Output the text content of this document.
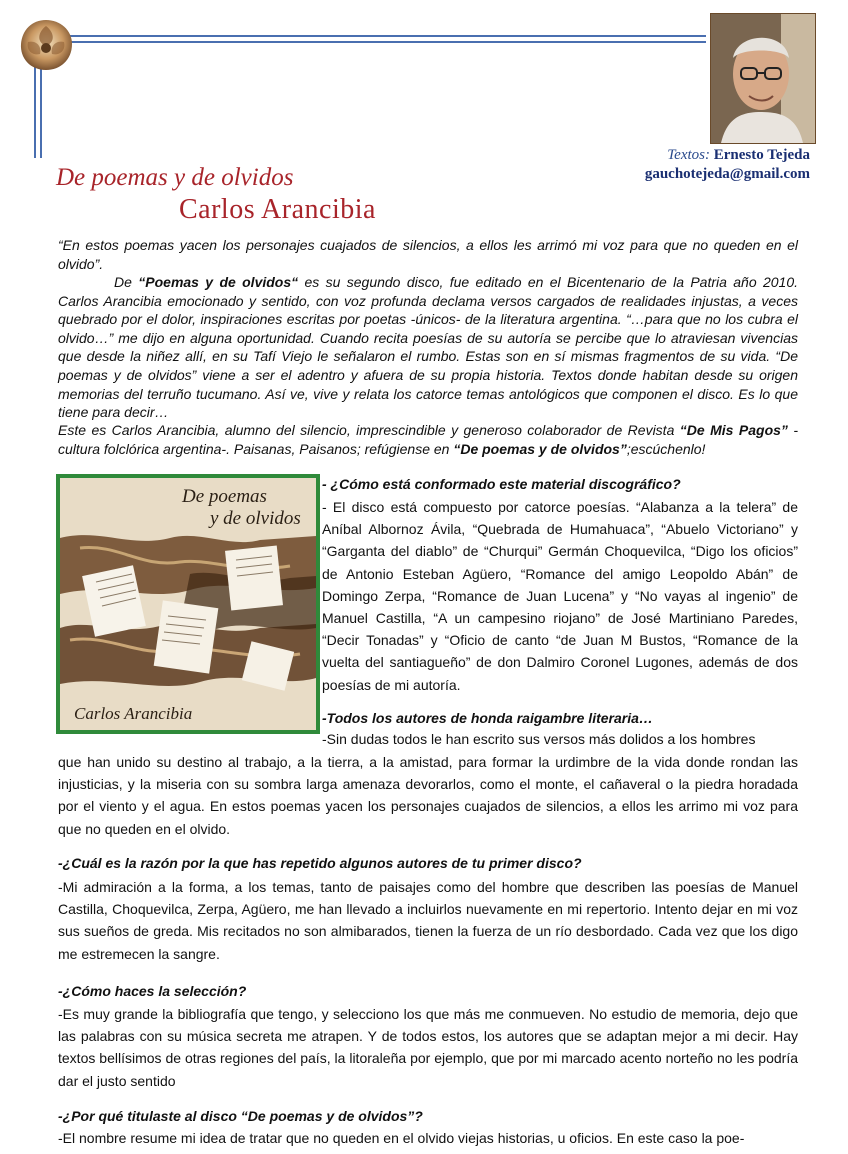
Textos: Ernesto Tejeda
gauchotejeda@gmail.com
De poemas y de olvidos
Carlos Arancibia

“En estos poemas yacen los personajes cuajados de silencios, a ellos les arrimó mi voz para que no queden en el olvido”.

De “Poemas y de olvidos“ es su segundo disco, fue editado en el Bicentenario de la Patria año 2010. Carlos Arancibia emocionado y sentido, con voz profunda declama versos cargados de realidades injustas, a veces quebrado por el dolor, inspiraciones escritas por poetas -únicos- de la literatura argentina. “…para que no los cubra el olvido…” me dijo en alguna oportunidad. Cuando recita poesías de su autoría se percibe que lo atraviesan vivencias que desde la niñez allí, en su Tafí Viejo le señalaron el rumbo. Estas son en sí mismas fragmentos de su vida. “De poemas y de olvidos” viene a ser el adentro y afuera de su propia historia. Textos donde habitan desde su origen memorias del terruño tucumano. Así ve, vive y relata los catorce temas antológicos que componen el disco. Es lo que tiene para decir…

Este es Carlos Arancibia, alumno del silencio, imprescindible y generoso colaborador de Revista “De Mis Pagos” -cultura folclórica argentina-. Paisanas, Paisanos; refúgiense en “De poemas y de olvidos”;escúchenlo!

De poemas
y de olvidos
Carlos Arancibia

- ¿Cómo está conformado este material discográfico?

- El disco está compuesto por catorce poesías. “Alabanza a la telera” de Aníbal Albornoz Ávila, “Quebrada de Humahuaca”, “Abuelo Victoriano” y “Garganta del diablo” de “Churqui” Germán Choquevilca, “Digo los oficios” de Antonio Esteban Agüero, “Romance del amigo Leopoldo Abán” de Domingo Zerpa, “Romance de Juan Lucena” y “No vayas al ingenio” de Manuel Castilla, “A un campesino riojano” de José Martiniano Paredes, “Decir Tonadas” y “Oficio de canto “de Juan M Bustos, “Romance de la vuelta del santiagueño” de don Dalmiro Coronel Lugones, además de dos poesías de mi autoría.

-Todos los autores de honda raigambre literaria…

-Sin dudas todos le han escrito sus versos más dolidos a los hombres

que han unido su destino al trabajo, a la tierra, a la amistad, para formar la urdimbre de la vida donde rondan las injusticias, y la miseria con su sombra larga amenaza devorarlos, como el monte, el cañaveral o la piedra horadada por el viento y el agua. En estos poemas yacen los personajes cuajados de silencios, a ellos les arrimo mi voz para que no queden en el olvido.

-¿Cuál es la razón por la que has repetido algunos autores de tu primer disco?

-Mi admiración a la forma, a los temas, tanto de paisajes como del hombre que describen las poesías de Manuel Castilla, Choquevilca, Zerpa, Agüero, me han llevado a incluirlos nuevamente en mi repertorio. Intento dejar en mi voz sus sueños de greda. Mis recitados no son almibarados, tienen la fuerza de un río desbordado. Cada vez que los digo me estremecen la sangre.

-¿Cómo haces la selección?

-Es muy grande la bibliografía que tengo, y selecciono los que más me conmueven. No estudio de memoria, dejo que las palabras con su música secreta me atrapen. Y de todos estos, los autores que se adaptan mejor a mi decir. Hay textos bellísimos de otras regiones del país, la litoraleña por ejemplo, que por mi marcado acento norteño no les podría dar el justo sentido

-¿Por qué titulaste al disco “De poemas y de olvidos”?

-El nombre resume mi idea de tratar que no queden en el olvido viejas historias, u oficios. En este caso la poe-
